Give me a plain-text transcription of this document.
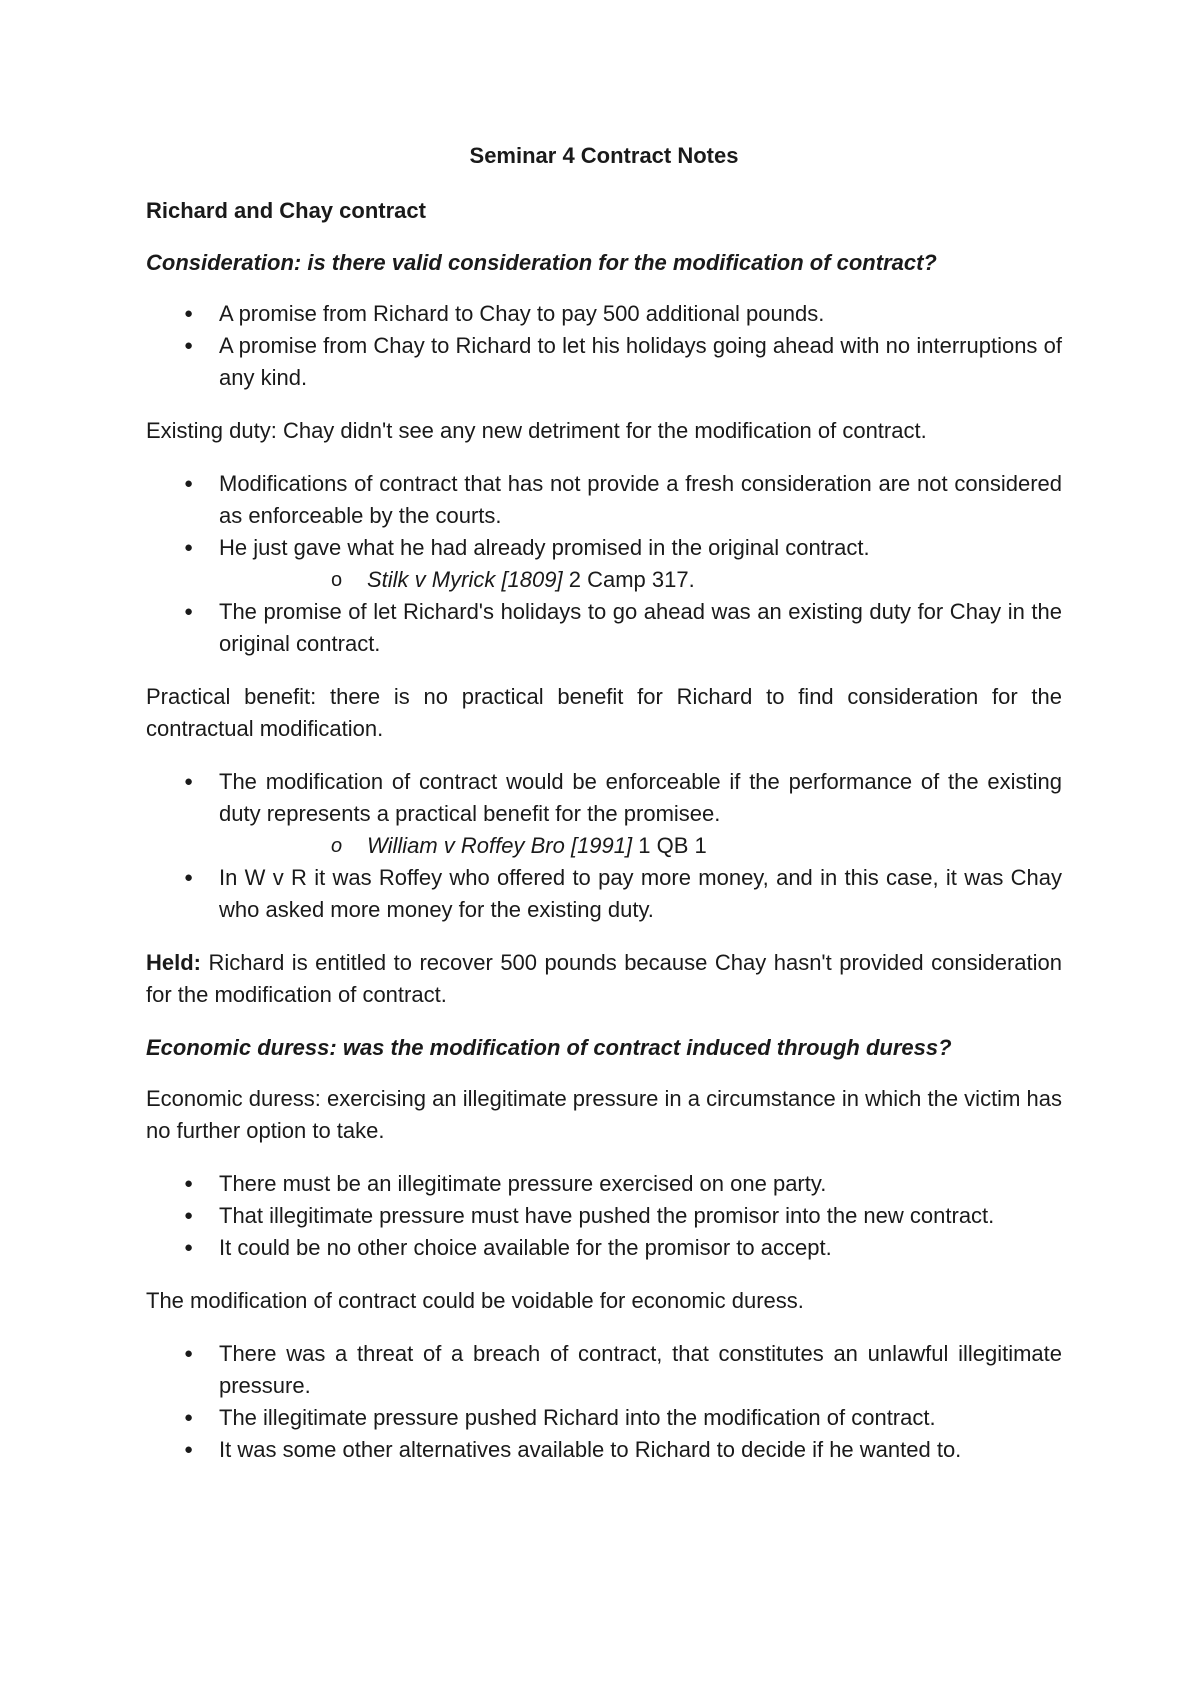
Seminar 4 Contract Notes
Richard and Chay contract
Consideration: is there valid consideration for the modification of contract?
● A promise from Richard to Chay to pay 500 additional pounds.
● A promise from Chay to Richard to let his holidays going ahead with no interruptions of any kind.

Existing duty: Chay didn't see any new detriment for the modification of contract.

● Modifications of contract that has not provide a fresh consideration are not considered as enforceable by the courts.
● He just gave what he had already promised in the original contract.
o Stilk v Myrick [1809] 2 Camp 317.
● The promise of let Richard's holidays to go ahead was an existing duty for Chay in the original contract.

Practical benefit: there is no practical benefit for Richard to find consideration for the contractual modification.

● The modification of contract would be enforceable if the performance of the existing duty represents a practical benefit for the promisee.
o William v Roffey Bro [1991] 1 QB 1
● In W v R it was Roffey who offered to pay more money, and in this case, it was Chay who asked more money for the existing duty.

Held: Richard is entitled to recover 500 pounds because Chay hasn't provided consideration for the modification of contract.

Economic duress: was the modification of contract induced through duress?

Economic duress: exercising an illegitimate pressure in a circumstance in which the victim has no further option to take.

● There must be an illegitimate pressure exercised on one party.
● That illegitimate pressure must have pushed the promisor into the new contract.
● It could be no other choice available for the promisor to accept.

The modification of contract could be voidable for economic duress.

● There was a threat of a breach of contract, that constitutes an unlawful illegitimate pressure.
● The illegitimate pressure pushed Richard into the modification of contract.
● It was some other alternatives available to Richard to decide if he wanted to.
